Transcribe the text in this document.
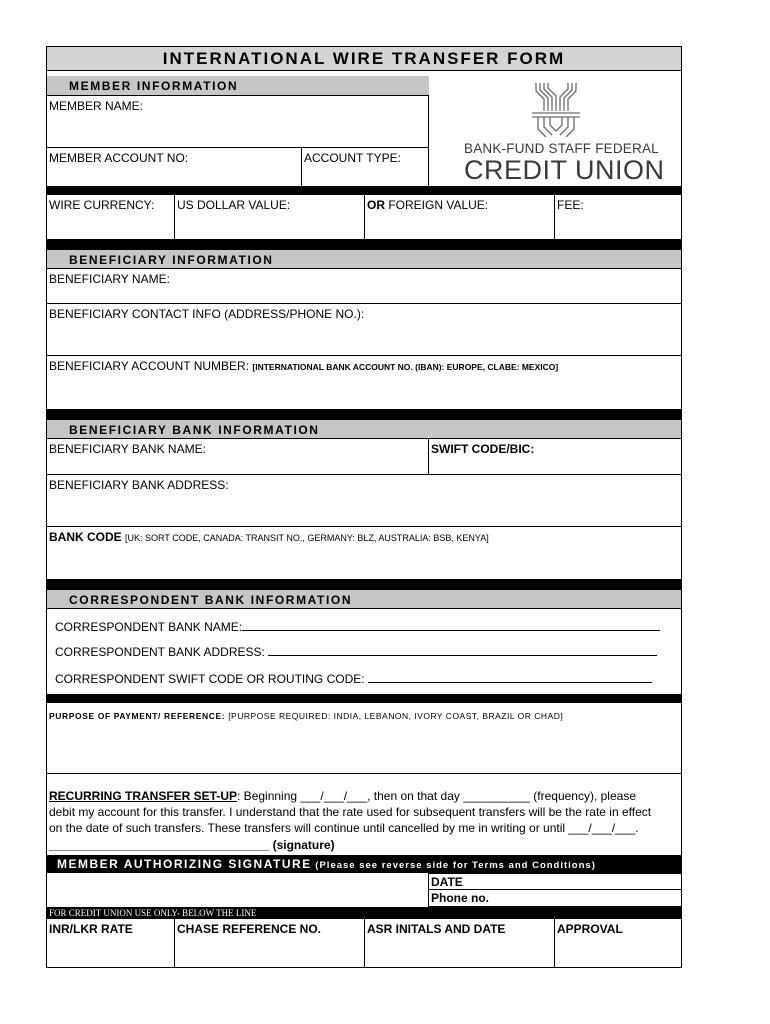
INTERNATIONAL WIRE TRANSFER FORM
MEMBER INFORMATION
MEMBER NAME:
MEMBER ACCOUNT NO:	ACCOUNT TYPE:
BANK-FUND STAFF FEDERAL
CREDIT UNION
WIRE CURRENCY:	US DOLLAR VALUE:	OR FOREIGN VALUE:	FEE:
BENEFICIARY INFORMATION
BENEFICIARY NAME:
BENEFICIARY CONTACT INFO (ADDRESS/PHONE NO.):
BENEFICIARY ACCOUNT NUMBER: [INTERNATIONAL BANK ACCOUNT NO. (IBAN): EUROPE, CLABE: MEXICO]
BENEFICIARY BANK INFORMATION
BENEFICIARY BANK NAME:	SWIFT CODE/BIC:
BENEFICIARY BANK ADDRESS:
BANK CODE [UK: SORT CODE, CANADA: TRANSIT NO., GERMANY: BLZ, AUSTRALIA: BSB, KENYA]
CORRESPONDENT BANK INFORMATION
CORRESPONDENT BANK NAME:
CORRESPONDENT BANK ADDRESS:
CORRESPONDENT SWIFT CODE OR ROUTING CODE:
PURPOSE OF PAYMENT/ REFERENCE: [PURPOSE REQUIRED: INDIA, LEBANON, IVORY COAST, BRAZIL OR CHAD]
RECURRING TRANSFER SET-UP: Beginning ___/___/___, then on that day __________ (frequency), please
debit my account for this transfer. I understand that the rate used for subsequent transfers will be the rate in effect
on the date of such transfers. These transfers will continue until cancelled by me in writing or until ___/___/___.
_________________________________ (signature)
MEMBER AUTHORIZING SIGNATURE (Please see reverse side for Terms and Conditions)
DATE
Phone no.
FOR CREDIT UNION USE ONLY- BELOW THE LINE
INR/LKR RATE	CHASE REFERENCE NO.	ASR INITALS AND DATE	APPROVAL
